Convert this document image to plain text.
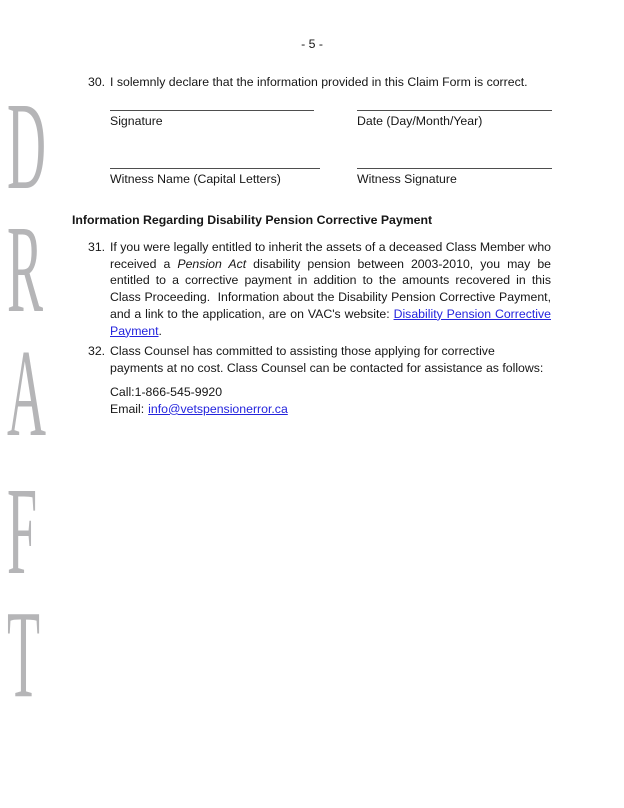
D
R
A
F
T
- 5 -
30. I solemnly declare that the information provided in this Claim Form is correct.
Signature	Date (Day/Month/Year)
Witness Name (Capital Letters)	Witness Signature
Information Regarding Disability Pension Corrective Payment
31. If you were legally entitled to inherit the assets of a deceased Class Member who received a Pension Act disability pension between 2003-2010, you may be entitled to a corrective payment in addition to the amounts recovered in this Class Proceeding.  Information about the Disability Pension Corrective Payment, and a link to the application, are on VAC's website: Disability Pension Corrective Payment.
32. Class Counsel has committed to assisting those applying for corrective payments at no cost. Class Counsel can be contacted for assistance as follows:
Call:1-866-545-9920
Email: info@vetspensionerror.ca
